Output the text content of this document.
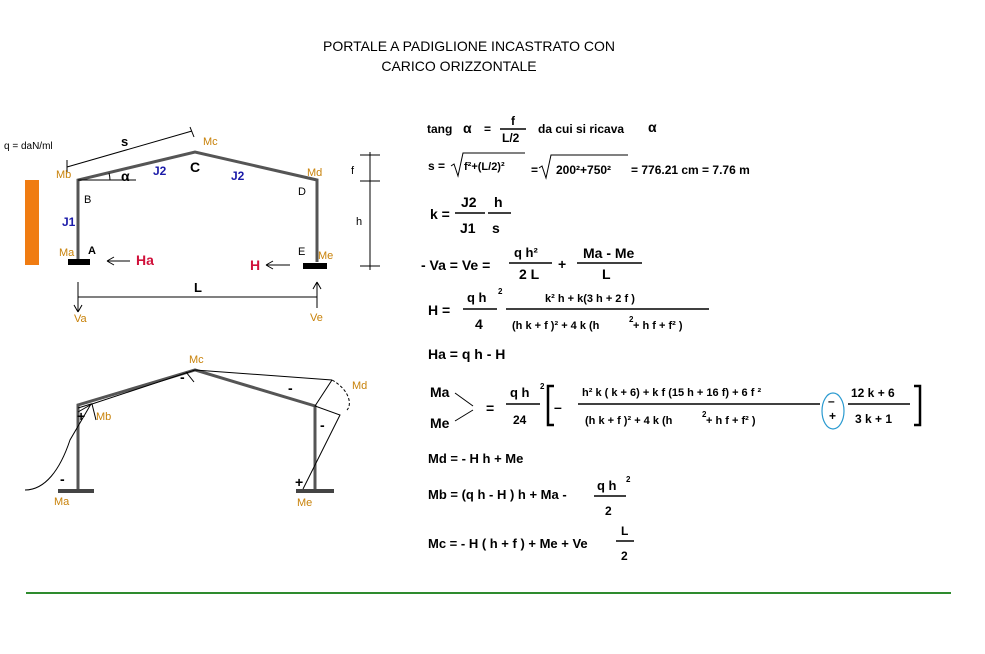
PORTALE A PADIGLIONE INCASTRATO CON
CARICO ORIZZONTALE
q = daN/ml	s
α
Mb
Mc
Md
Ma	Me
B
C
D
A	E
J1
J2	J2
Ha	H
f
h
L
Va	Ve
Mc
Md
Mb
Ma	Me
-
-
-
-
+
+
tang α =
f
L/2
da cui si ricava α
s = f²+(L/2)² = 200²+750² = 776.21 cm = 7.76 m
k =
J2
J1
h
s
- Va = Ve =
q h²
2 L
+
Ma - Me
L
H =
q h 2
4
k² h + k(3 h + 2 f )
(h k + f )² + 4 k (h
2
+ h f + f² )
Ha = q h - H
Ma
Me
=
q h 2
24
–
h² k ( k + 6) + k f (15 h + 16 f) + 6 f ²
(h k + f )² + 4 k (h
2
+ h f + f² )
–
+
12 k + 6
3 k + 1
Md = - H h + Me
Mb = (q h - H ) h + Ma -
q h 2
2
Mc = - H ( h + f ) + Me + Ve
L
2
